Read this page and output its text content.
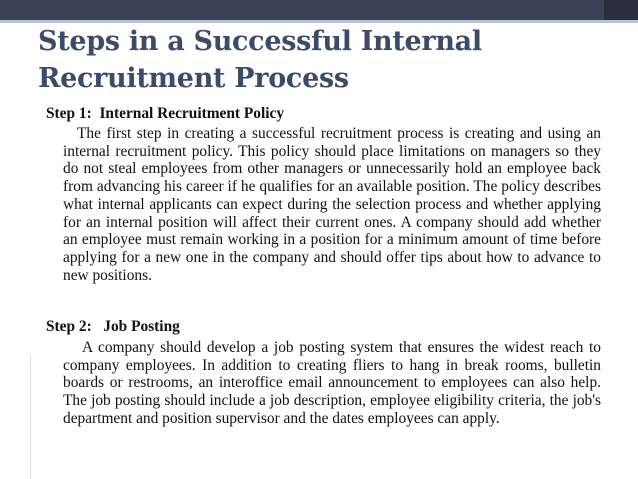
Steps in a Successful Internal
Recruitment Process
Step 1:  Internal Recruitment Policy

The first step in creating a successful recruitment process is creating and using an internal recruitment policy. This policy should place limitations on managers so they do not steal employees from other managers or unnecessarily hold an employee back from advancing his career if he qualifies for an available position. The policy describes what internal applicants can expect during the selection process and whether applying for an internal position will affect their current ones. A company should add whether an employee must remain working in a position for a minimum amount of time before applying for a new one in the company and should offer tips about how to advance to new positions.

Step 2:   Job Posting

A company should develop a job posting system that ensures the widest reach to company employees. In addition to creating fliers to hang in break rooms, bulletin boards or restrooms, an interoffice email announcement to employees can also help. The job posting should include a job description, employee eligibility criteria, the job's department and position supervisor and the dates employees can apply.
